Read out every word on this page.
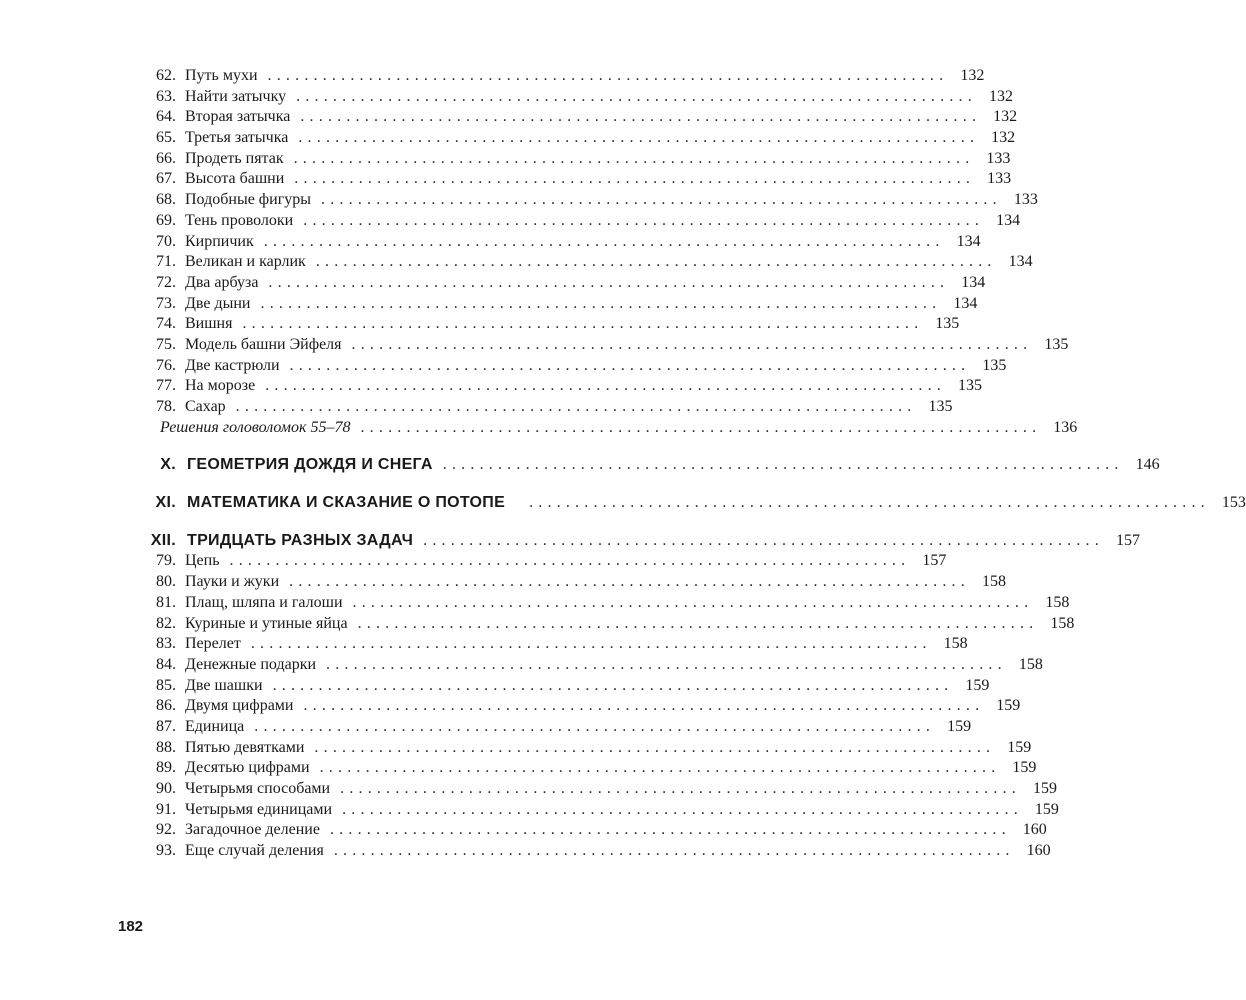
62. Путь мухи .......................................................................... 132
63. Найти затычку .......................................................................... 132
64. Вторая затычка .......................................................................... 132
65. Третья затычка .......................................................................... 132
66. Продеть пятак .......................................................................... 133
67. Высота башни .......................................................................... 133
68. Подобные фигуры .......................................................................... 133
69. Тень проволоки .......................................................................... 134
70. Кирпичик .......................................................................... 134
71. Великан и карлик .......................................................................... 134
72. Два арбуза .......................................................................... 134
73. Две дыни .......................................................................... 134
74. Вишня .......................................................................... 135
75. Модель башни Эйфеля .......................................................................... 135
76. Две кастрюли .......................................................................... 135
77. На морозе .......................................................................... 135
78. Сахар .......................................................................... 135
Решения головоломок 55–78 .......................................................................... 136
X. ГЕОМЕТРИЯ ДОЖДЯ И СНЕГА .......................................................................... 146
XI. МАТЕМАТИКА И СКАЗАНИЕ О ПОТОПЕ .......................................................................... 153
XII. ТРИДЦАТЬ РАЗНЫХ ЗАДАЧ .......................................................................... 157
79. Цепь .......................................................................... 157
80. Пауки и жуки .......................................................................... 158
81. Плащ, шляпа и галоши .......................................................................... 158
82. Куриные и утиные яйца .......................................................................... 158
83. Перелет .......................................................................... 158
84. Денежные подарки .......................................................................... 158
85. Две шашки .......................................................................... 159
86. Двумя цифрами .......................................................................... 159
87. Единица .......................................................................... 159
88. Пятью девятками .......................................................................... 159
89. Десятью цифрами .......................................................................... 159
90. Четырьмя способами .......................................................................... 159
91. Четырьмя единицами .......................................................................... 159
92. Загадочное деление .......................................................................... 160
93. Еще случай деления .......................................................................... 160
182
